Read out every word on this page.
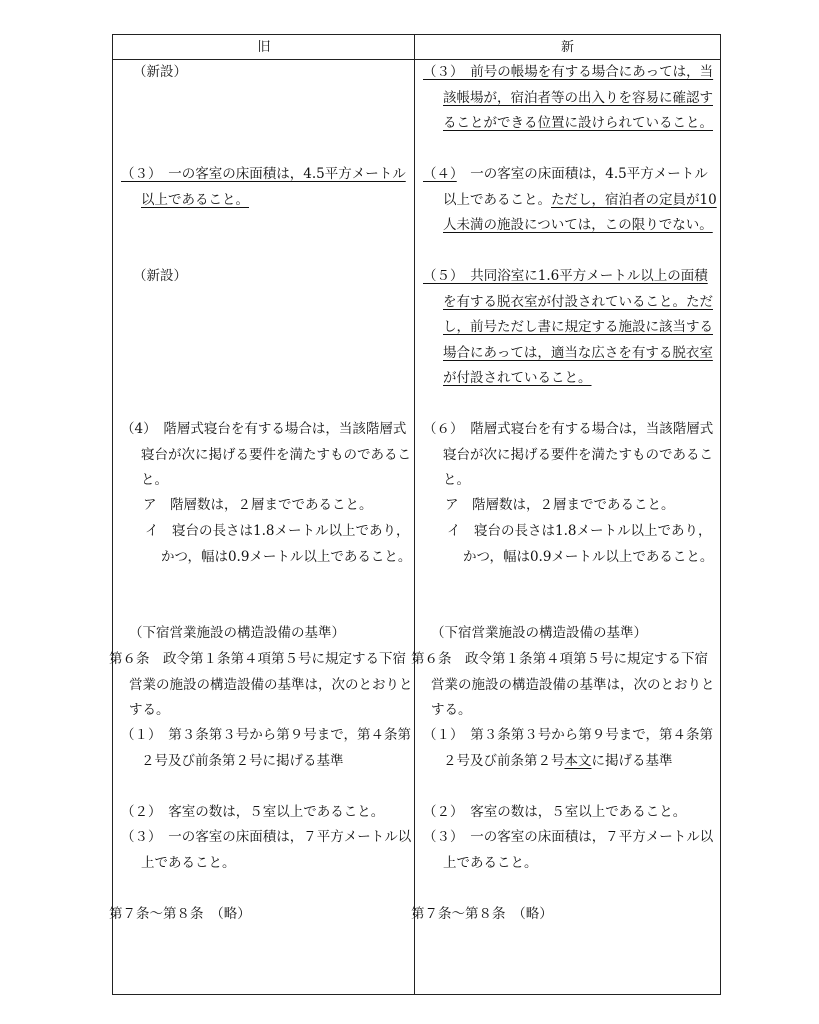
旧	新
（新設）
（３）　一の客室の床面積は，4.5平方メートル以上であること。
（新設）
（4）　階層式寝台を有する場合は，当該階層式寝台が次に掲げる要件を満たすものであること。
ア　階層数は，２層までであること。
イ　寝台の長さは1.8メートル以上であり，かつ，幅は0.9メートル以上であること。
（下宿営業施設の構造設備の基準）
第６条　政令第１条第４項第５号に規定する下宿営業の施設の構造設備の基準は，次のとおりとする。
（１）　第３条第３号から第９号まで，第４条第２号及び前条第２号に掲げる基準
（２）　客室の数は，５室以上であること。
（３）　一の客室の床面積は，７平方メートル以上であること。
第７条～第８条　（略）
（３）　前号の帳場を有する場合にあっては，当該帳場が，宿泊者等の出入りを容易に確認することができる位置に設けられていること。
（４）　一の客室の床面積は，4.5平方メートル以上であること。ただし，宿泊者の定員が10人未満の施設については，この限りでない。
（５）　共同浴室に1.6平方メートル以上の面積を有する脱衣室が付設されていること。ただし，前号ただし書に規定する施設に該当する場合にあっては，適当な広さを有する脱衣室が付設されていること。
（６）　階層式寝台を有する場合は，当該階層式寝台が次に掲げる要件を満たすものであること。
ア　階層数は，２層までであること。
イ　寝台の長さは1.8メートル以上であり，かつ，幅は0.9メートル以上であること。
（下宿営業施設の構造設備の基準）
第６条　政令第１条第４項第５号に規定する下宿営業の施設の構造設備の基準は，次のとおりとする。
（１）　第３条第３号から第９号まで，第４条第２号及び前条第２号本文に掲げる基準
（２）　客室の数は，５室以上であること。
（３）　一の客室の床面積は，７平方メートル以上であること。
第７条～第８条　（略）
